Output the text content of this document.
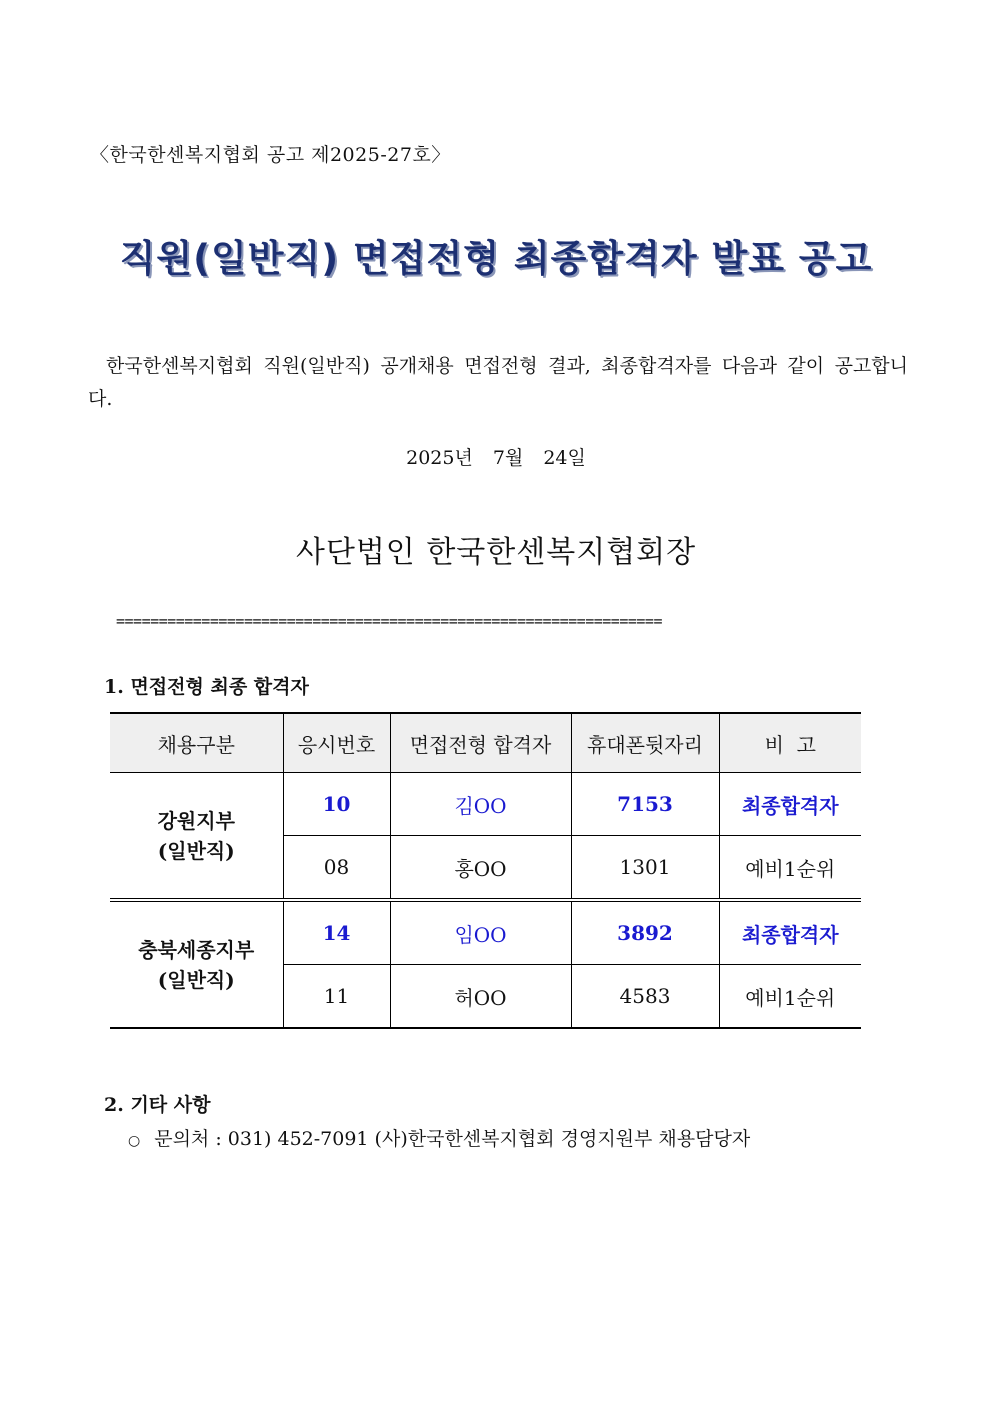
〈한국한센복지협회 공고 제2025-27호〉
직원(일반직) 면접전형 최종합격자 발표 공고
한국한센복지협회 직원(일반직) 공개채용 면접전형 결과, 최종합격자를 다음과 같이 공고합니다.
2025년 7월 24일
사단법인 한국한센복지협회장
================================================================
1. 면접전형 최종 합격자
채용구분	응시번호	면접전형 합격자	휴대폰뒷자리	비  고
강원지부
(일반직)	10	김OO	7153	최종합격자
	08	홍OO	1301	예비1순위
충북세종지부
(일반직)	14	임OO	3892	최종합격자
	11	허OO	4583	예비1순위
2. 기타 사항
○ 문의처 : 031) 452-7091 (사)한국한센복지협회 경영지원부 채용담당자
